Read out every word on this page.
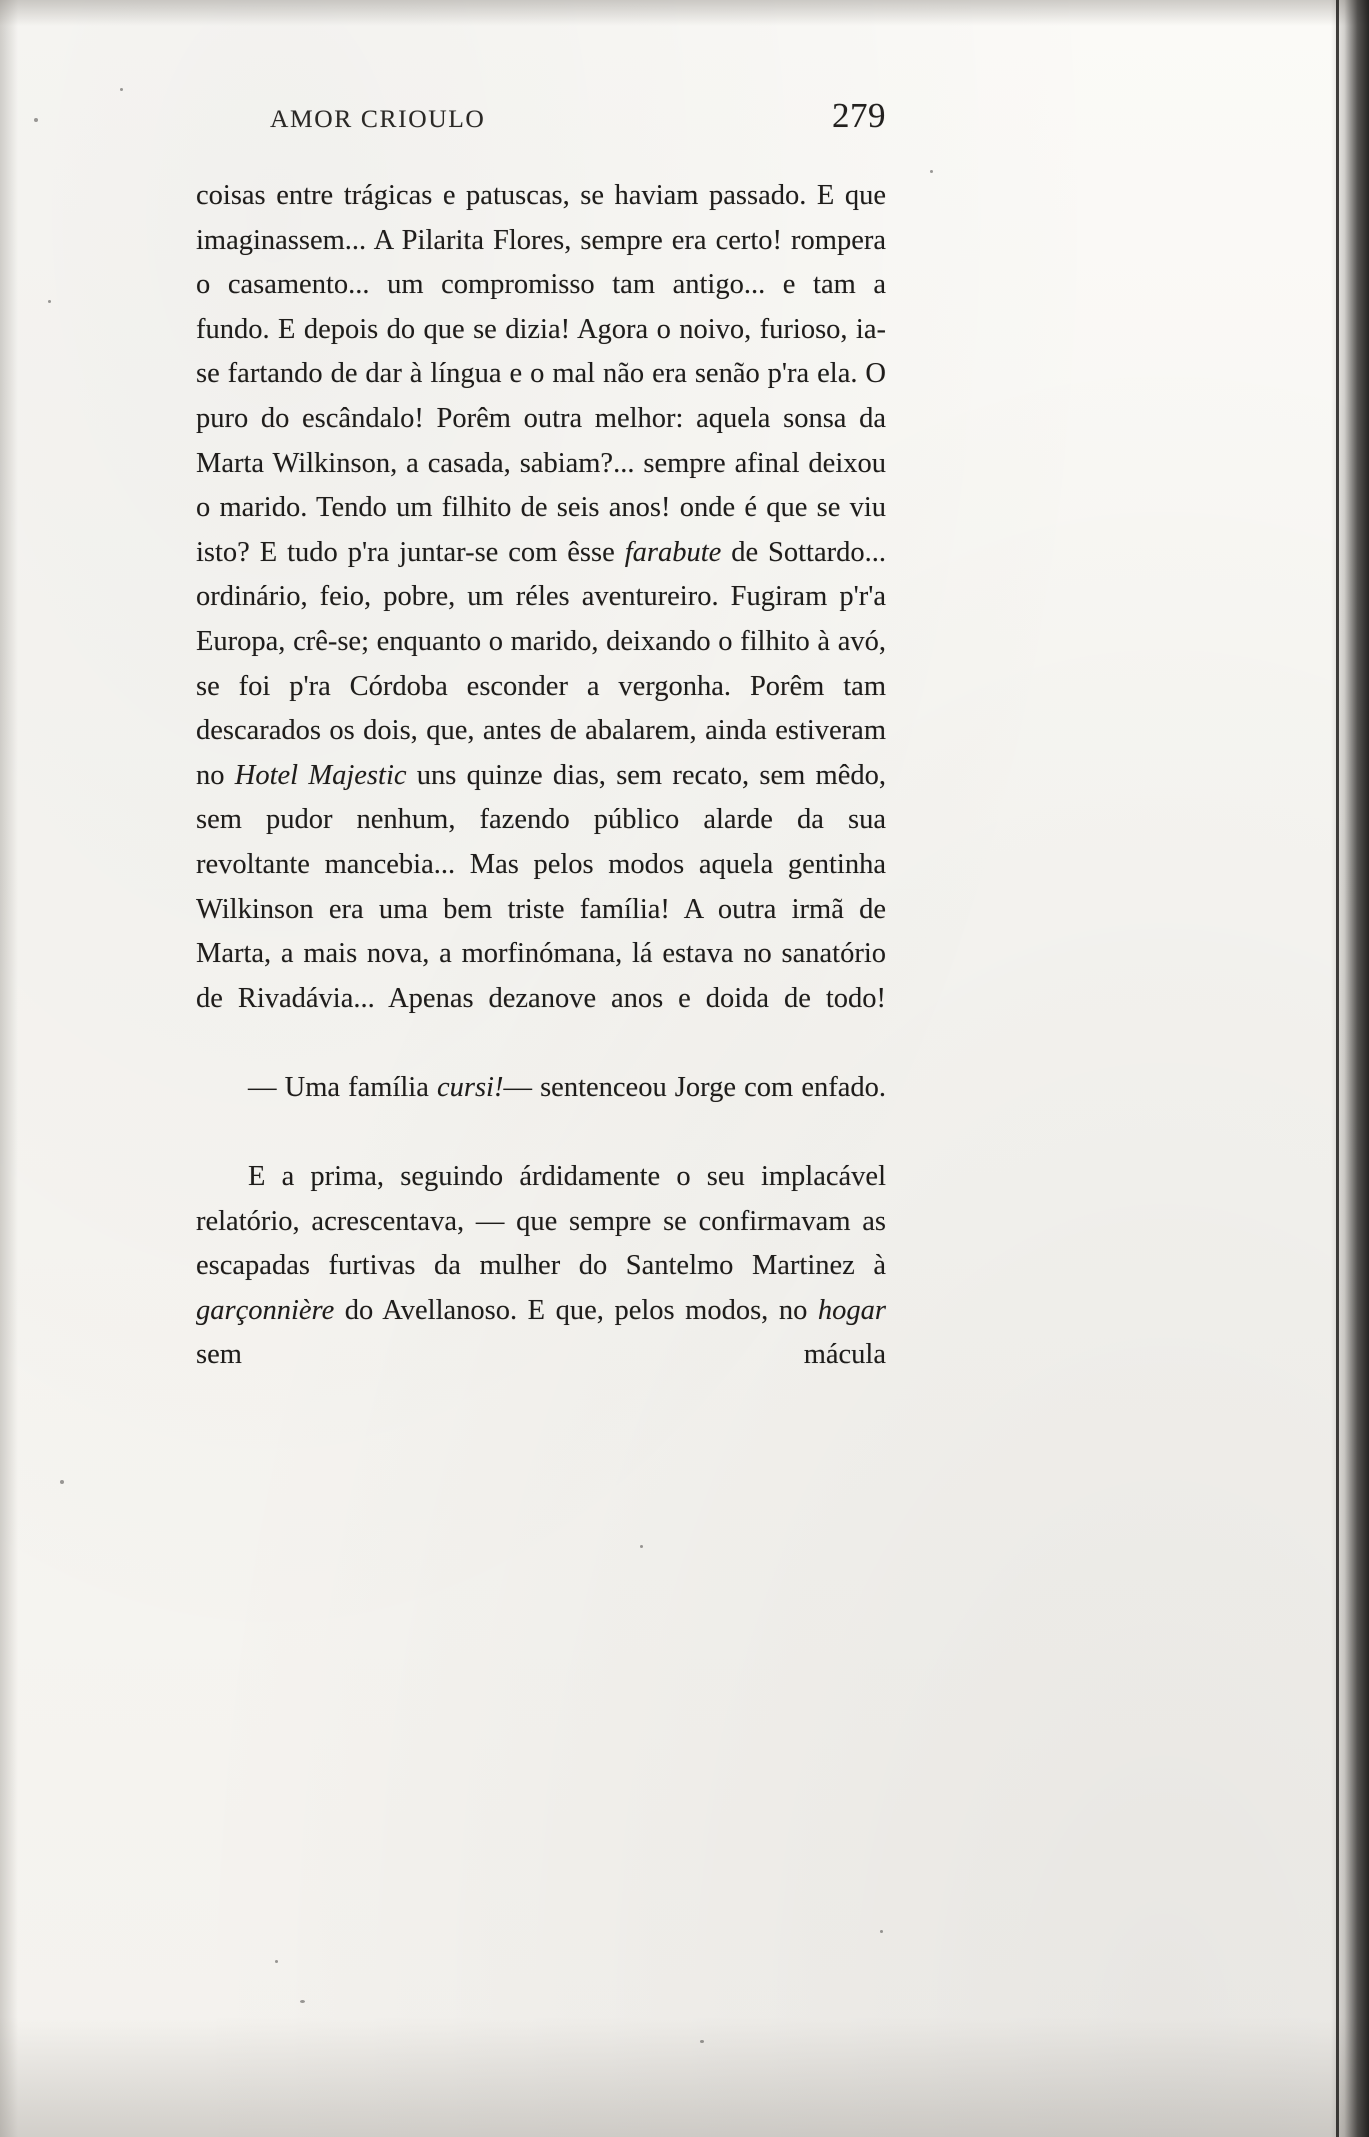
AMOR CRIOULO	279

coisas entre trágicas e patuscas, se haviam passado. E que imaginassem... A Pilarita Flores, sempre era certo! rompera o casamento... um compromisso tam antigo... e tam a fundo. E depois do que se dizia! Agora o noivo, furioso, ia-se fartando de dar à língua e o mal não era senão p'ra ela. O puro do escândalo! Porêm outra melhor: aquela sonsa da Marta Wilkinson, a casada, sabiam?... sempre afinal deixou o marido. Tendo um filhito de seis anos! onde é que se viu isto? E tudo p'ra juntar-se com êsse farabute de Sottardo... ordinário, feio, pobre, um réles aventureiro. Fugiram p'r'a Europa, crê-se; enquanto o marido, deixando o filhito à avó, se foi p'ra Córdoba esconder a vergonha. Porêm tam descarados os dois, que, antes de abalarem, ainda estiveram no Hotel Majestic uns quinze dias, sem recato, sem mêdo, sem pudor nenhum, fazendo público alarde da sua revoltante mancebia... Mas pelos modos aquela gentinha Wilkinson era uma bem triste família! A outra irmã de Marta, a mais nova, a morfinómana, lá estava no sanatório de Rivadávia... Apenas dezanove anos e doida de todo!

— Uma família cursi!— sentenceou Jorge com enfado.

E a prima, seguindo árdidamente o seu implacável relatório, acrescentava, — que sempre se confirmavam as escapadas furtivas da mulher do Santelmo Martinez à garçonnière do Avellanoso. E que, pelos modos, no hogar sem mácula
